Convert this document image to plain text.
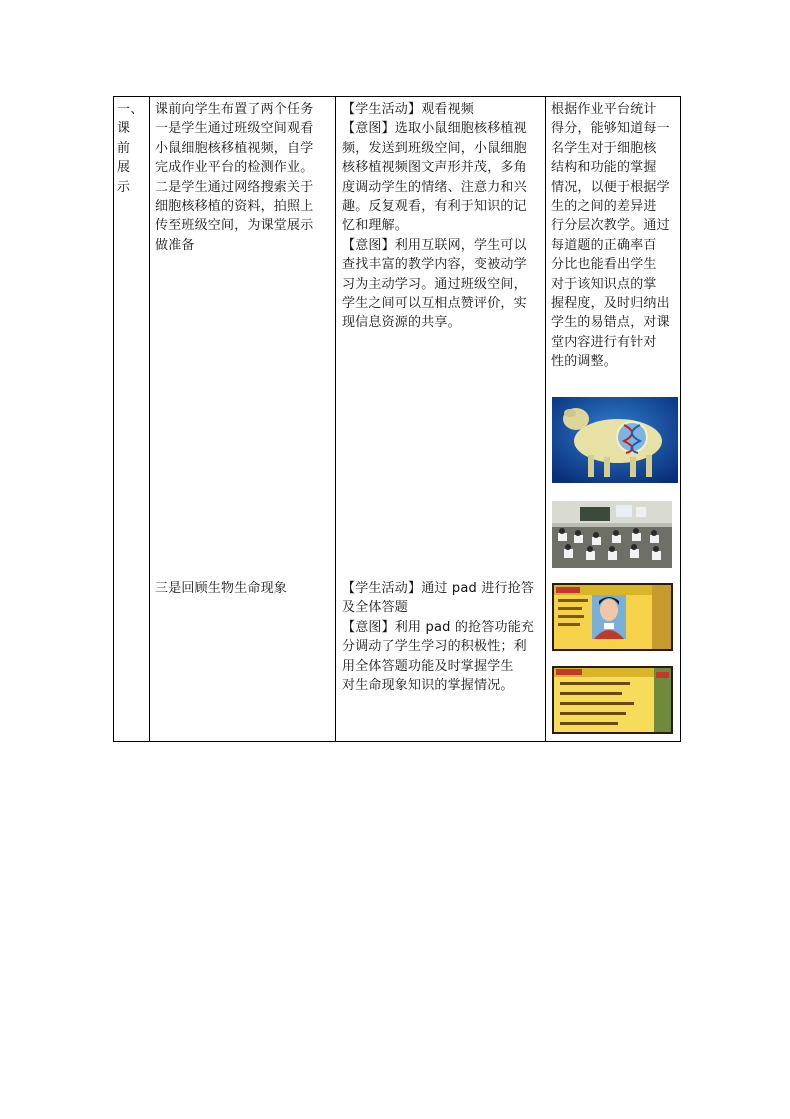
一、
课
前
展
示
课前向学生布置了两个任务
一是学生通过班级空间观看
小鼠细胞核移植视频，自学
完成作业平台的检测作业。
二是学生通过网络搜索关于
细胞核移植的资料，拍照上
传至班级空间，为课堂展示
做准备
三是回顾生物生命现象
【学生活动】观看视频
【意图】选取小鼠细胞核移植视
频，发送到班级空间，小鼠细胞
核移植视频图文声形并茂，多角
度调动学生的情绪、注意力和兴
趣。反复观看，有利于知识的记
忆和理解。
【意图】利用互联网，学生可以
查找丰富的教学内容，变被动学
习为主动学习。通过班级空间，
学生之间可以互相点赞评价，实
现信息资源的共享。
【学生活动】通过 pad 进行抢答
及全体答题
【意图】利用 pad 的抢答功能充
分调动了学生学习的积极性；利
用全体答题功能及时掌握学生
对生命现象知识的掌握情况。
根据作业平台统计
得分，能够知道每一
名学生对于细胞核
结构和功能的掌握
情况，以便于根据学
生的之间的差异进
行分层次教学。通过
每道题的正确率百
分比也能看出学生
对于该知识点的掌
握程度，及时归纳出
学生的易错点，对课
堂内容进行有针对
性的调整。
